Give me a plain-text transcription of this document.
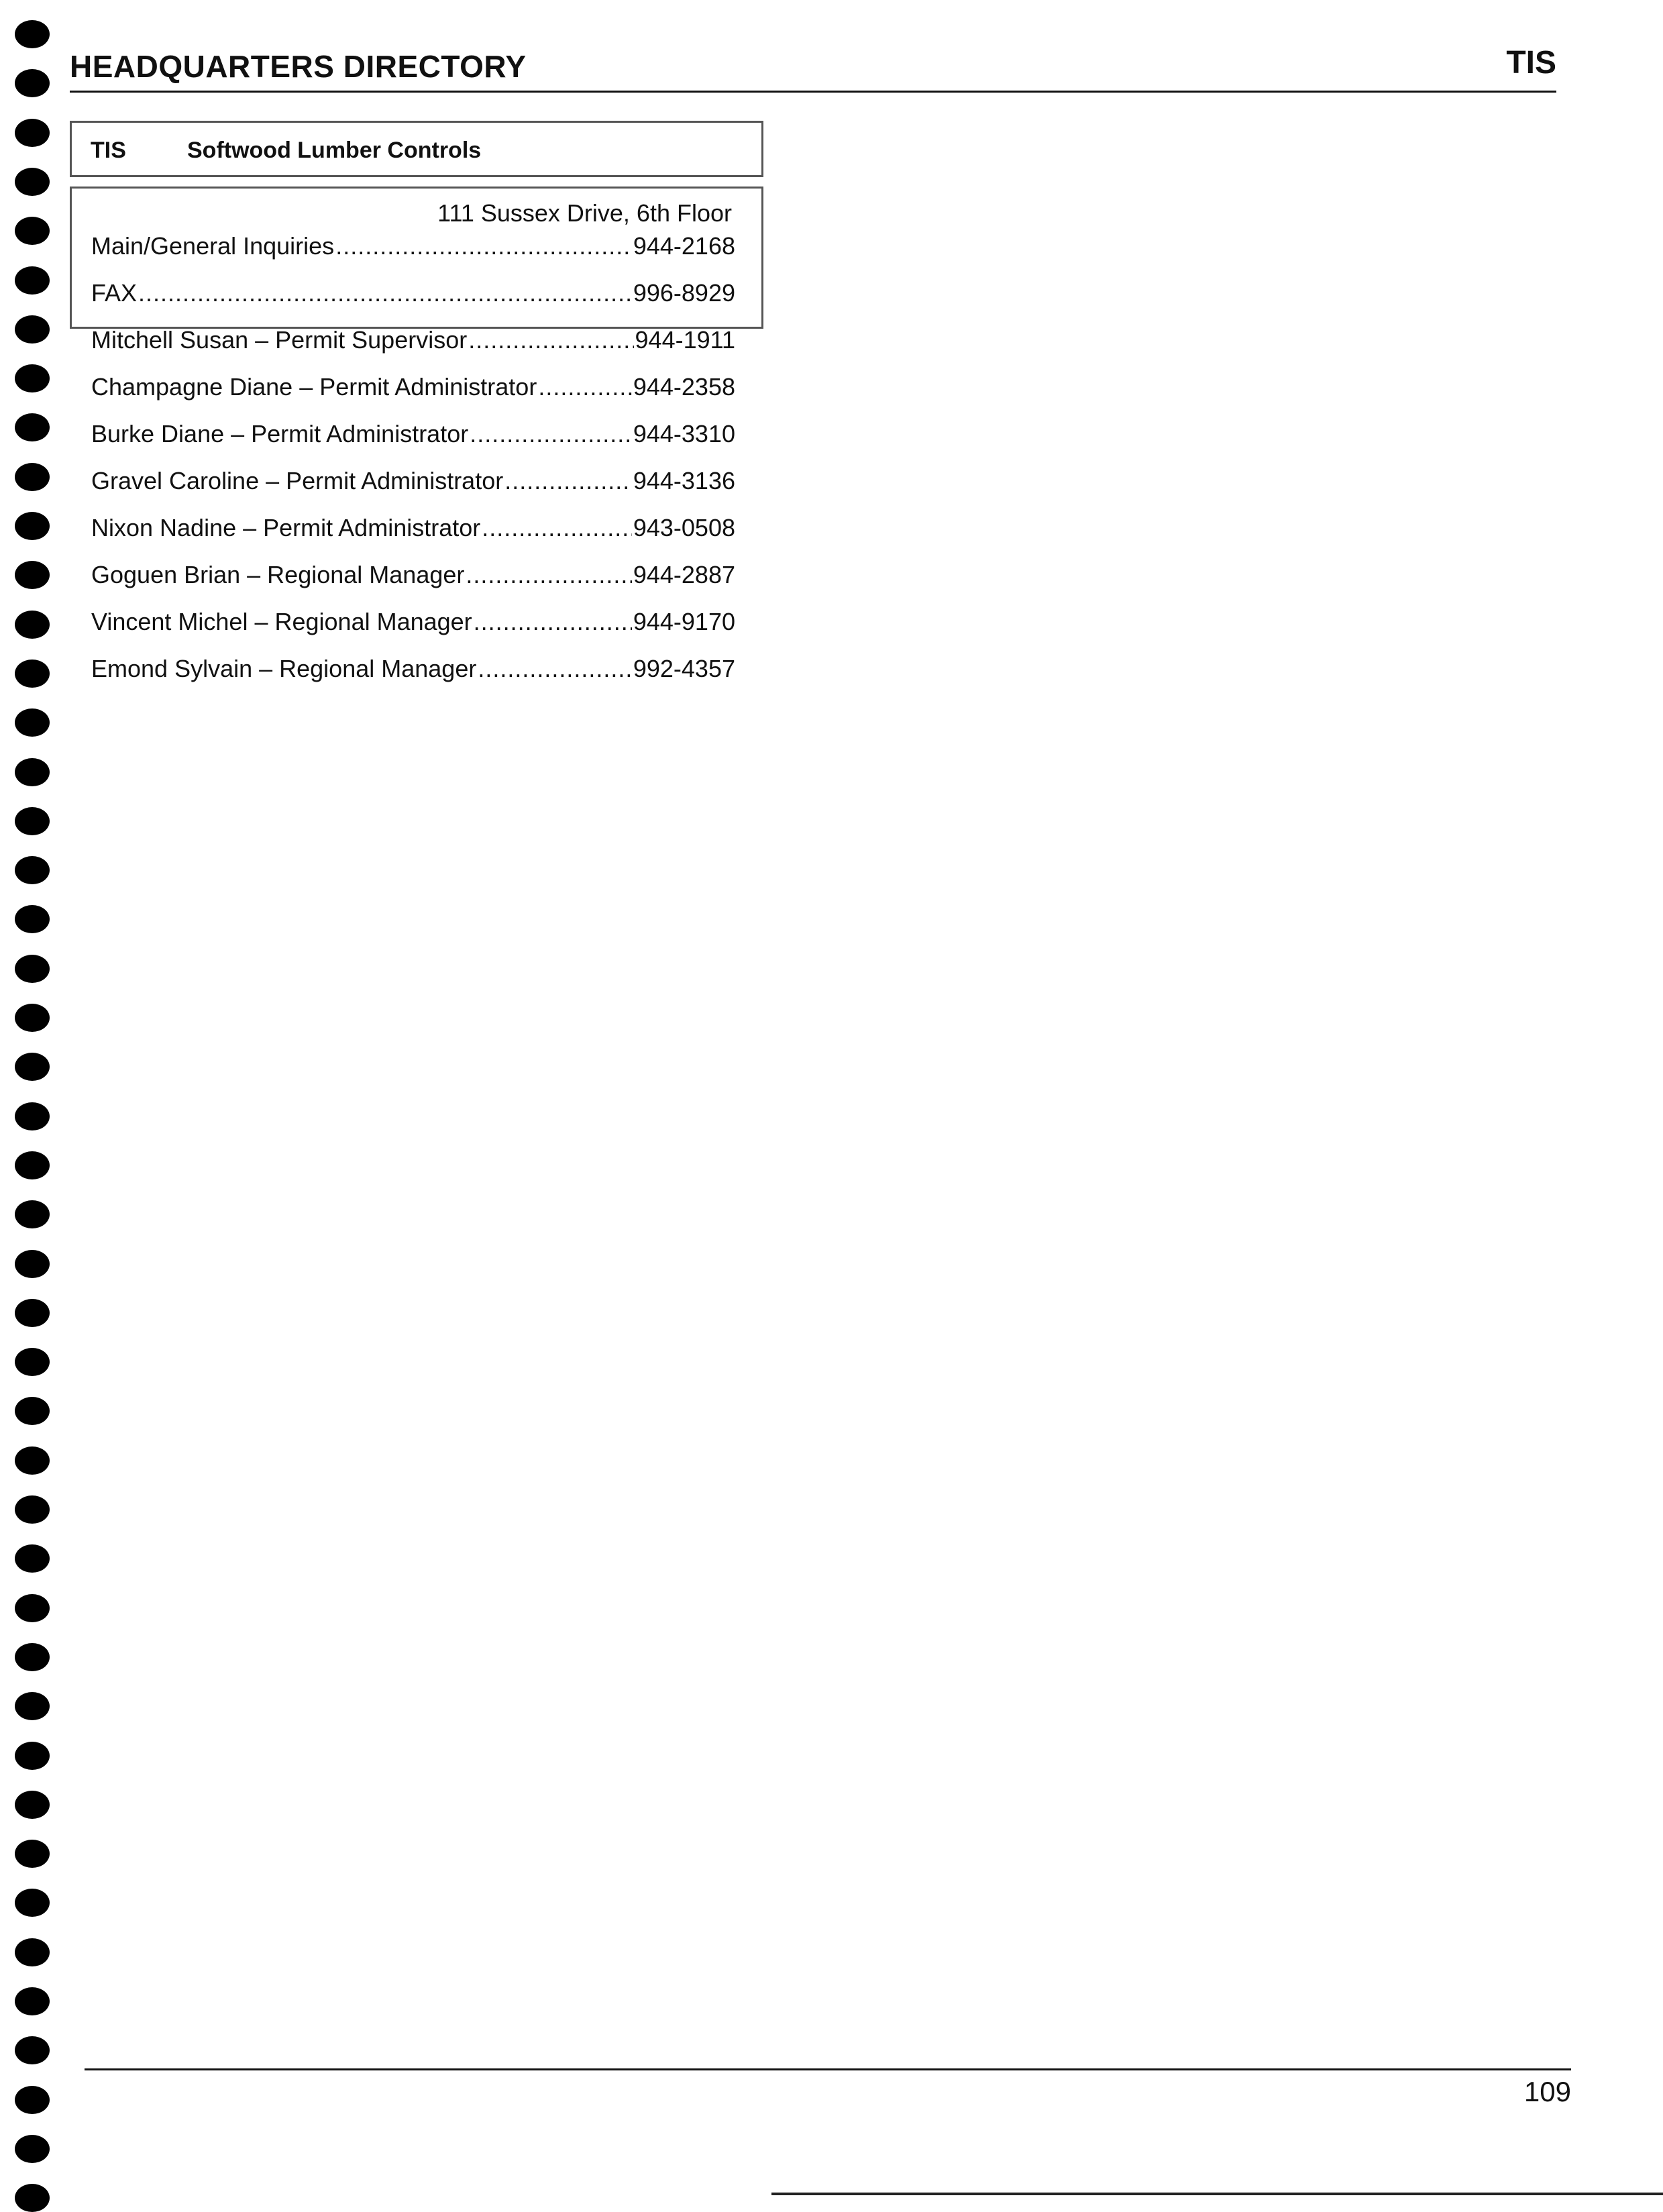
HEADQUARTERS DIRECTORY	TIS
TIS	Softwood Lumber Controls
111 Sussex Drive, 6th Floor
Main/General Inquiries .....	944-2168
FAX .....	996-8929
Mitchell Susan – Permit Supervisor .....	944-1911
Champagne Diane – Permit Administrator .....	944-2358
Burke Diane – Permit Administrator .....	944-3310
Gravel Caroline – Permit Administrator .....	944-3136
Nixon Nadine – Permit Administrator .....	943-0508
Goguen Brian – Regional Manager .....	944-2887
Vincent Michel – Regional Manager .....	944-9170
Emond Sylvain – Regional Manager .....	992-4357
109
